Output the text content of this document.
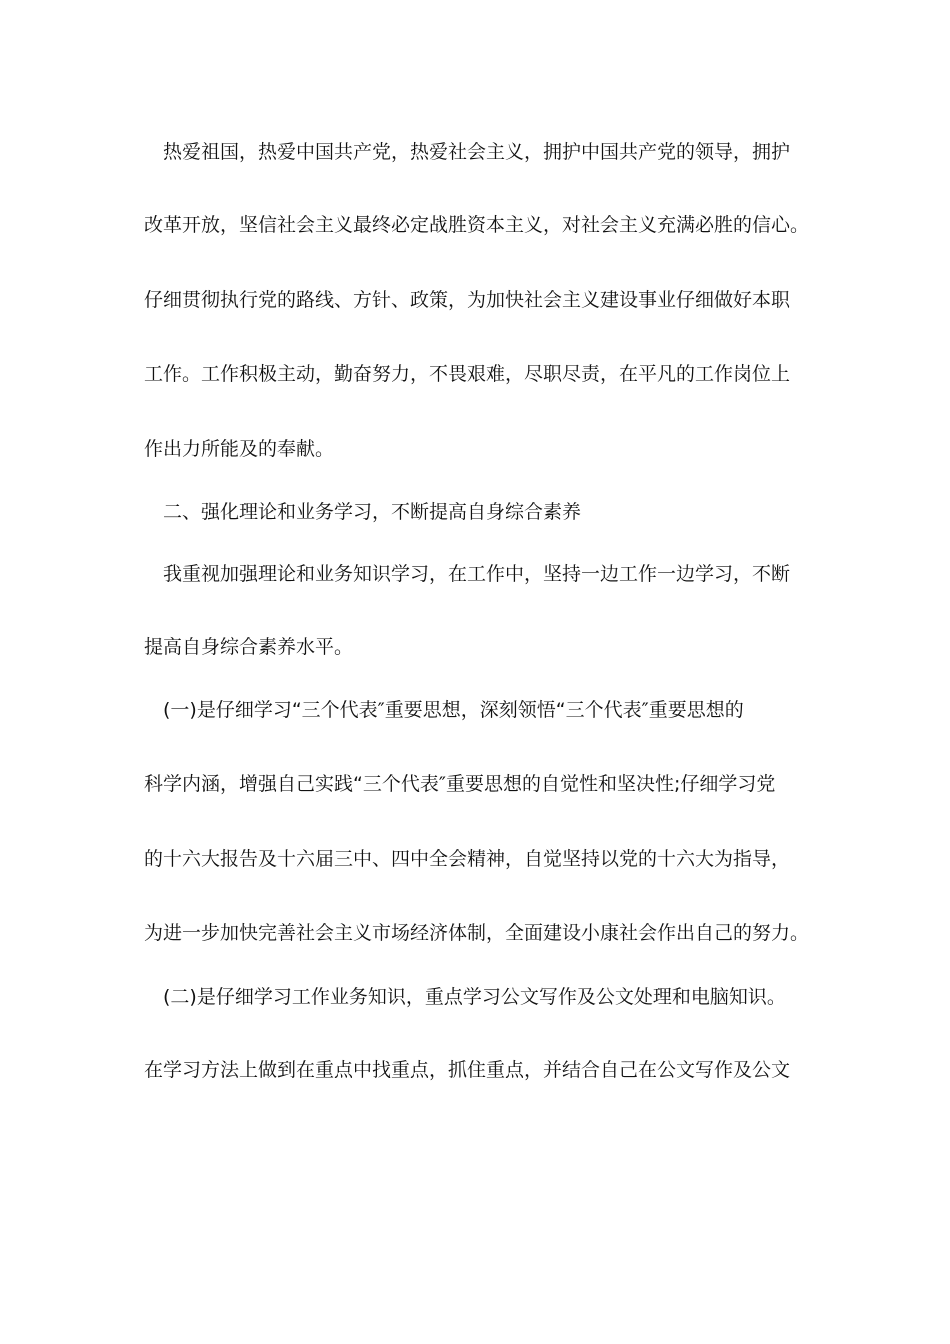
热爱祖国，热爱中国共产党，热爱社会主义，拥护中国共产党的领导，拥护
改革开放，坚信社会主义最终必定战胜资本主义，对社会主义充满必胜的信心。
仔细贯彻执行党的路线、方针、政策，为加快社会主义建设事业仔细做好本职
工作。工作积极主动，勤奋努力，不畏艰难，尽职尽责，在平凡的工作岗位上
作出力所能及的奉献。
二、强化理论和业务学习，不断提高自身综合素养
我重视加强理论和业务知识学习，在工作中，坚持一边工作一边学习，不断
提高自身综合素养水平。
(一)是仔细学习“三个代表″重要思想，深刻领悟“三个代表″重要思想的
科学内涵，增强自己实践“三个代表″重要思想的自觉性和坚决性;仔细学习党
的十六大报告及十六届三中、四中全会精神，自觉坚持以党的十六大为指导，
为进一步加快完善社会主义市场经济体制，全面建设小康社会作出自己的努力。
(二)是仔细学习工作业务知识，重点学习公文写作及公文处理和电脑知识。
在学习方法上做到在重点中找重点，抓住重点，并结合自己在公文写作及公文
